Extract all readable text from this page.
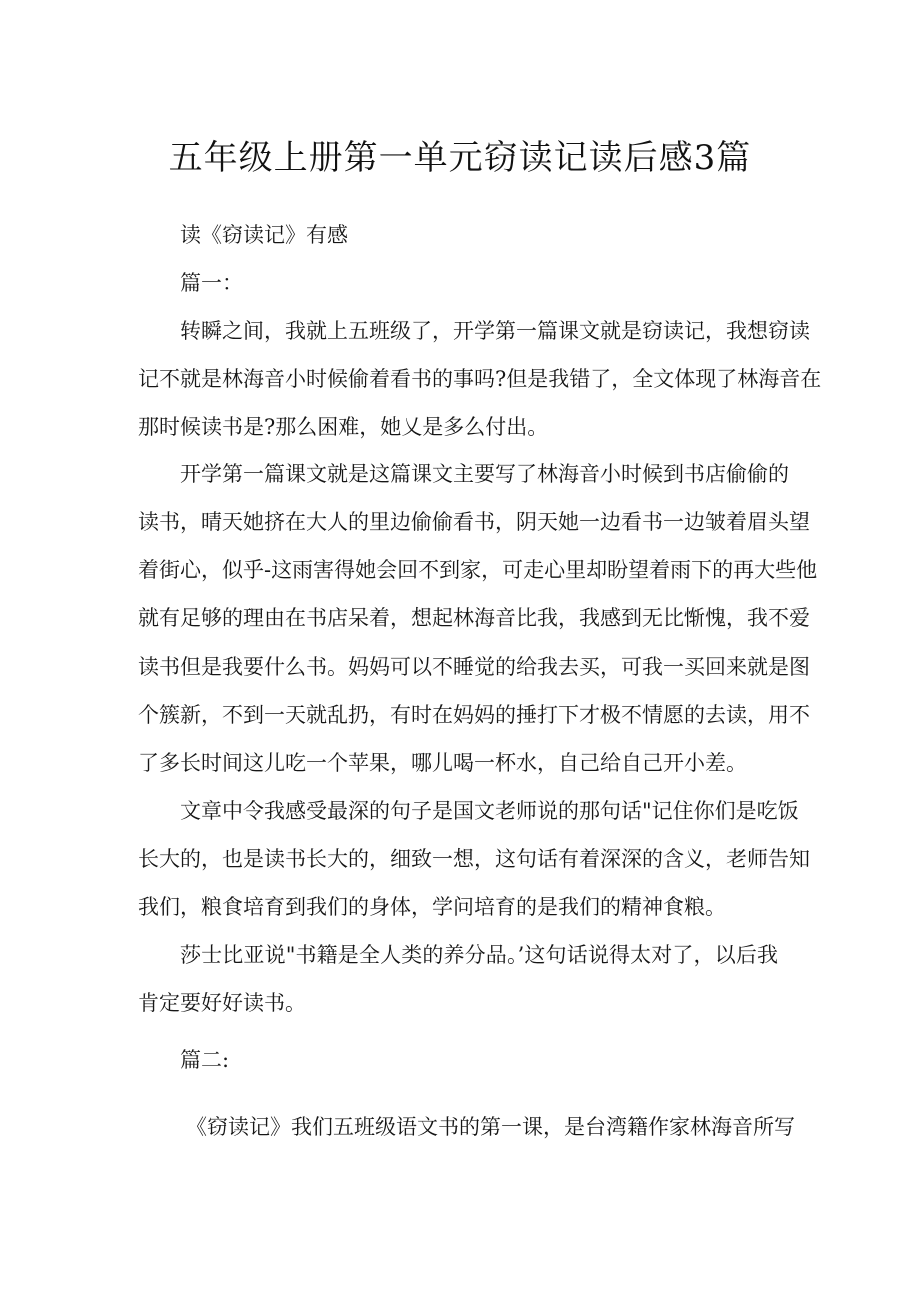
五年级上册第一单元窃读记读后感3篇
读《窃读记》有感
篇一：
转瞬之间，我就上五班级了，开学第一篇课文就是窃读记，我想窃读
记不就是林海音小时候偷着看书的事吗?但是我错了，全文体现了林海音在
那时候读书是?那么困难，她乂是多么付出。
开学第一篇课文就是这篇课文主要写了林海音小时候到书店偷偷的
读书，晴天她挤在大人的里边偷偷看书，阴天她一边看书一边皱着眉头望
着街心，似乎-这雨害得她会回不到家，可走心里却盼望着雨下的再大些他
就有足够的理由在书店呆着，想起林海音比我，我感到无比惭愧，我不爱
读书但是我要什么书。妈妈可以不睡觉的给我去买，可我一买回来就是图
个簇新，不到一天就乱扔，有时在妈妈的捶打下才极不情愿的去读，用不
了多长时间这儿吃一个苹果，哪儿喝一杯水，自己给自己开小差。
文章中令我感受最深的句子是国文老师说的那句话"记住你们是吃饭
长大的，也是读书长大的，细致一想，这句话有着深深的含义，老师告知
我们，粮食培育到我们的身体，学问培育的是我们的精神食粮。
莎士比亚说"书籍是全人类的养分品。’这句话说得太对了，以后我
肯定要好好读书。
篇二:
《窃读记》我们五班级语文书的第一课，是台湾籍作家林海音所写
